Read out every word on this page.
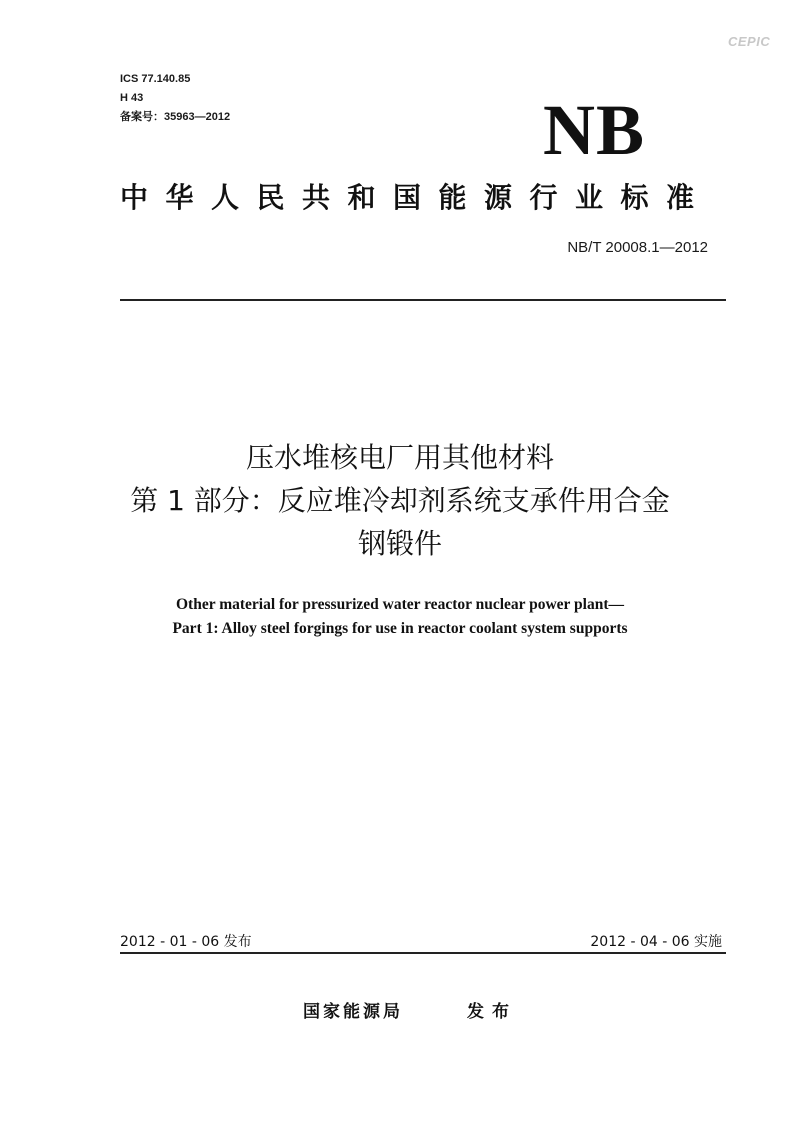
CEPIC
ICS 77.140.85
H 43
备案号：35963—2012	NB
中华人民共和国能源行业标准
NB/T 20008.1—2012
压水堆核电厂用其他材料
第 1 部分：反应堆冷却剂系统支承件用合金
钢锻件
Other material for pressurized water reactor nuclear power plant—
Part 1: Alloy steel forgings for use in reactor coolant system supports
2012 - 01 - 06 发布	2012 - 04 - 06 实施
国家能源局	发布
